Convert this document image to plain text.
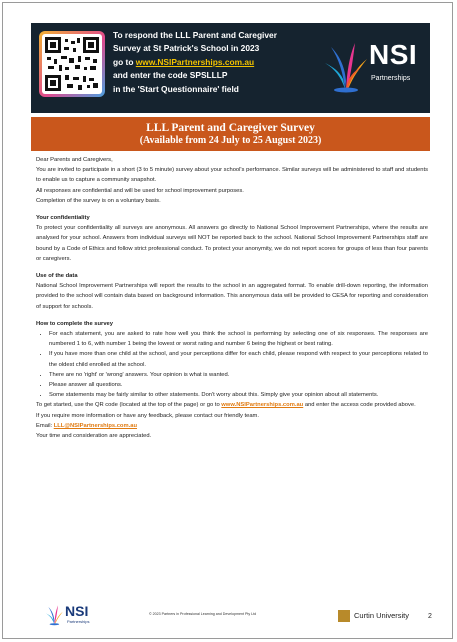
To respond the LLL Parent and Caregiver
Survey at St Patrick's School in 2023
go to www.NSIPartnerships.com.au
and enter the code SPSLLLP
in the 'Start Questionnaire' field
NSI
Partnerships
LLL Parent and Caregiver Survey
(Available from 24 July to 25 August 2023)

Dear Parents and Caregivers,

You are invited to participate in a short (3 to 5 minute) survey about your school's performance. Similar surveys will be administered to staff and students to enable us to capture a community snapshot.

All responses are confidential and will be used for school improvement purposes.

Completion of the survey is on a voluntary basis.

Your confidentiality

To protect your confidentiality all surveys are anonymous. All answers go directly to National School Improvement Partnerships, where the results are analysed for your school. Answers from individual surveys will NOT be reported back to the school. National School Improvement Partnerships staff are bound by a Code of Ethics and follow strict professional conduct. To protect your anonymity, we do not report scores for groups of less than four parents or caregivers.

Use of the data

National School Improvement Partnerships will report the results to the school in an aggregated format. To enable drill-down reporting, the information provided to the school will contain data based on background information. This anonymous data will be provided to CESA for reporting and consideration of support for schools.

How to complete the survey

• For each statement, you are asked to rate how well you think the school is performing by selecting one of six responses. The responses are numbered 1 to 6, with number 1 being the lowest or worst rating and number 6 being the highest or best rating.
• If you have more than one child at the school, and your perceptions differ for each child, please respond with respect to your perceptions related to the oldest child enrolled at the school.
• There are no 'right' or 'wrong' answers. Your opinion is what is wanted.
• Please answer all questions.
• Some statements may be fairly similar to other statements. Don't worry about this. Simply give your opinion about all statements.

To get started, use the QR code (located at the top of the page) or go to www.NSIPartnerships.com.au and enter the access code provided above.

If you require more information or have any feedback, please contact our friendly team.

Email: LLL@NSIPartnerships.com.au

Your time and consideration are appreciated.

NSI
Partnerships
© 2023 Partners in Professional Learning and Development Pty Ltd	Curtin University	2
